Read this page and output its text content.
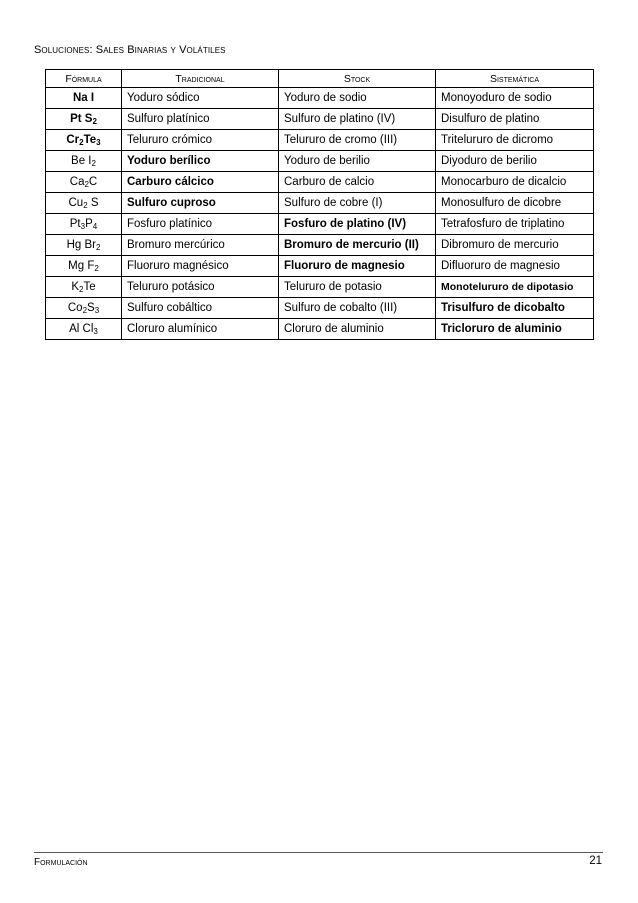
Soluciones: Sales Binarias y Volátiles
Fórmula	Tradicional	Stock	Sistemática
Na I	Yoduro sódico	Yoduro de sodio	Monoyoduro de sodio
Pt $S_2$	Sulfuro platínico	Sulfuro de platino (IV)	Disulfuro de platino
$Cr_2Te_3$	Telururo crómico	Telururo de cromo (III)	Tritelururo de dicromo
Be $I_2$	Yoduro berílico	Yoduro de berilio	Diyoduro de berilio
$Ca_2C$	Carburo cálcico	Carburo de calcio	Monocarburo de dicalcio
$Cu_2$ S	Sulfuro cuproso	Sulfuro de cobre (I)	Monosulfuro de dicobre
$Pt_3P_4$	Fosfuro platínico	Fosfuro de platino (IV)	Tetrafosfuro de triplatino
Hg $Br_2$	Bromuro mercúrico	Bromuro de mercurio (II)	Dibromuro de mercurio
Mg $F_2$	Fluoruro magnésico	Fluoruro de magnesio	Difluoruro de magnesio
$K_2Te$	Telururo potásico	Telururo de potasio	Monotelururo de dipotasio
$Co_2S_3$	Sulfuro cobáltico	Sulfuro de cobalto (III)	Trisulfuro de dicobalto
Al $Cl_3$	Cloruro alumínico	Cloruro de aluminio	Tricloruro de aluminio
Formulación	21
